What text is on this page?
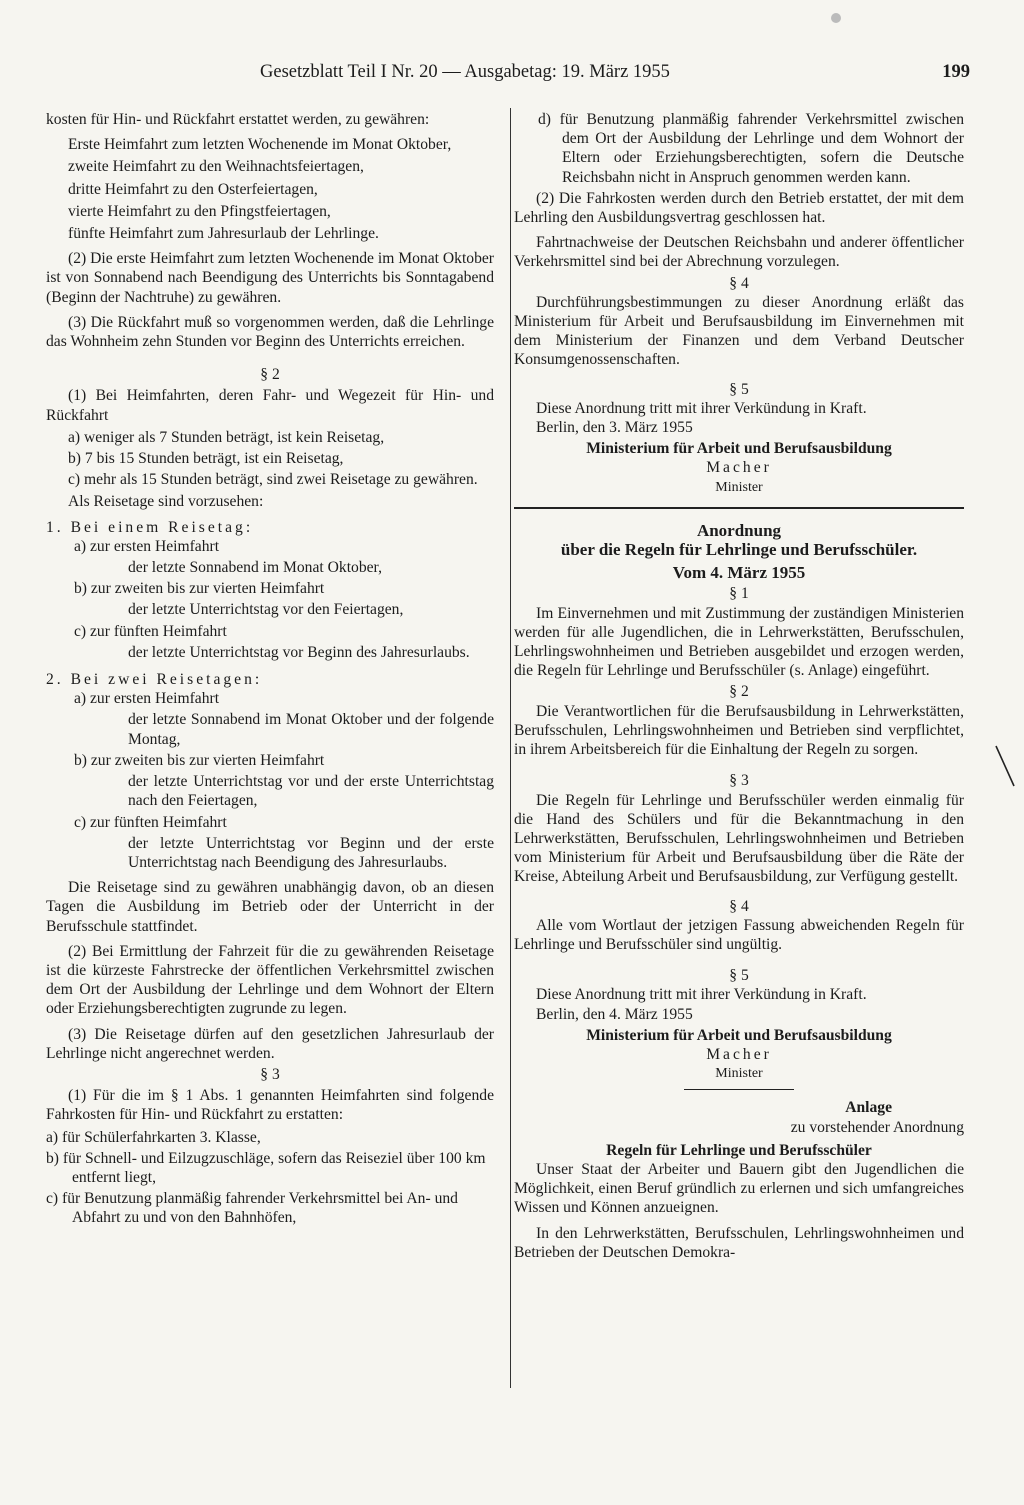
Gesetzblatt Teil I Nr. 20 — Ausgabetag: 19. März 1955	199

kosten für Hin- und Rückfahrt erstattet werden, zu gewähren:

Erste Heimfahrt zum letzten Wochenende im Monat Oktober,

zweite Heimfahrt zu den Weihnachtsfeiertagen,

dritte Heimfahrt zu den Osterfeiertagen,

vierte Heimfahrt zu den Pfingstfeiertagen,

fünfte Heimfahrt zum Jahresurlaub der Lehrlinge.

(2) Die erste Heimfahrt zum letzten Wochenende im Monat Oktober ist von Sonnabend nach Beendigung des Unterrichts bis Sonntagabend (Beginn der Nachtruhe) zu gewähren.

(3) Die Rückfahrt muß so vorgenommen werden, daß die Lehrlinge das Wohnheim zehn Stunden vor Beginn des Unterrichts erreichen.

§ 2

(1) Bei Heimfahrten, deren Fahr- und Wegezeit für Hin- und Rückfahrt

a) weniger als 7 Stunden beträgt, ist kein Reisetag,

b) 7 bis 15 Stunden beträgt, ist ein Reisetag,

c) mehr als 15 Stunden beträgt, sind zwei Reisetage zu gewähren.

Als Reisetage sind vorzusehen:

1. Bei einem Reisetag:

a) zur ersten Heimfahrt

der letzte Sonnabend im Monat Oktober,

b) zur zweiten bis zur vierten Heimfahrt

der letzte Unterrichtstag vor den Feiertagen,

c) zur fünften Heimfahrt

der letzte Unterrichtstag vor Beginn des Jahresurlaubs.

2. Bei zwei Reisetagen:

a) zur ersten Heimfahrt

der letzte Sonnabend im Monat Oktober und der folgende Montag,

b) zur zweiten bis zur vierten Heimfahrt

der letzte Unterrichtstag vor und der erste Unterrichtstag nach den Feiertagen,

c) zur fünften Heimfahrt

der letzte Unterrichtstag vor Beginn und der erste Unterrichtstag nach Beendigung des Jahresurlaubs.

Die Reisetage sind zu gewähren unabhängig davon, ob an diesen Tagen die Ausbildung im Betrieb oder der Unterricht in der Berufsschule stattfindet.

(2) Bei Ermittlung der Fahrzeit für die zu gewährenden Reisetage ist die kürzeste Fahrstrecke der öffentlichen Verkehrsmittel zwischen dem Ort der Ausbildung der Lehrlinge und dem Wohnort der Eltern oder Erziehungsberechtigten zugrunde zu legen.

(3) Die Reisetage dürfen auf den gesetzlichen Jahresurlaub der Lehrlinge nicht angerechnet werden.

§ 3

(1) Für die im § 1 Abs. 1 genannten Heimfahrten sind folgende Fahrkosten für Hin- und Rückfahrt zu erstatten:

a) für Schülerfahrkarten 3. Klasse,

b) für Schnell- und Eilzugzuschläge, sofern das Reiseziel über 100 km entfernt liegt,

c) für Benutzung planmäßig fahrender Verkehrsmittel bei An- und Abfahrt zu und von den Bahnhöfen,

d) für Benutzung planmäßig fahrender Verkehrsmittel zwischen dem Ort der Ausbildung der Lehrlinge und dem Wohnort der Eltern oder Erziehungsberechtigten, sofern die Deutsche Reichsbahn nicht in Anspruch genommen werden kann.

(2) Die Fahrkosten werden durch den Betrieb erstattet, der mit dem Lehrling den Ausbildungsvertrag geschlossen hat.

Fahrtnachweise der Deutschen Reichsbahn und anderer öffentlicher Verkehrsmittel sind bei der Abrechnung vorzulegen.

§ 4

Durchführungsbestimmungen zu dieser Anordnung erläßt das Ministerium für Arbeit und Berufsausbildung im Einvernehmen mit dem Ministerium der Finanzen und dem Verband Deutscher Konsumgenossenschaften.

§ 5

Diese Anordnung tritt mit ihrer Verkündung in Kraft.

Berlin, den 3. März 1955

Ministerium für Arbeit und Berufsausbildung

Macher

Minister

Anordnung

über die Regeln für Lehrlinge und Berufsschüler.

Vom 4. März 1955

§ 1

Im Einvernehmen und mit Zustimmung der zuständigen Ministerien werden für alle Jugendlichen, die in Lehrwerkstätten, Berufsschulen, Lehrlingswohnheimen und Betrieben ausgebildet und erzogen werden, die Regeln für Lehrlinge und Berufsschüler (s. Anlage) eingeführt.

§ 2

Die Verantwortlichen für die Berufsausbildung in Lehrwerkstätten, Berufsschulen, Lehrlingswohnheimen und Betrieben sind verpflichtet, in ihrem Arbeitsbereich für die Einhaltung der Regeln zu sorgen.

§ 3

Die Regeln für Lehrlinge und Berufsschüler werden einmalig für die Hand des Schülers und für die Bekanntmachung in den Lehrwerkstätten, Berufsschulen, Lehrlingswohnheimen und Betrieben vom Ministerium für Arbeit und Berufsausbildung über die Räte der Kreise, Abteilung Arbeit und Berufsausbildung, zur Verfügung gestellt.

§ 4

Alle vom Wortlaut der jetzigen Fassung abweichenden Regeln für Lehrlinge und Berufsschüler sind ungültig.

§ 5

Diese Anordnung tritt mit ihrer Verkündung in Kraft.

Berlin, den 4. März 1955

Ministerium für Arbeit und Berufsausbildung

Macher

Minister

Anlage

zu vorstehender Anordnung

Regeln für Lehrlinge und Berufsschüler

Unser Staat der Arbeiter und Bauern gibt den Jugendlichen die Möglichkeit, einen Beruf gründlich zu erlernen und sich umfangreiches Wissen und Können anzueignen.

In den Lehrwerkstätten, Berufsschulen, Lehrlingswohnheimen und Betrieben der Deutschen Demokra-
